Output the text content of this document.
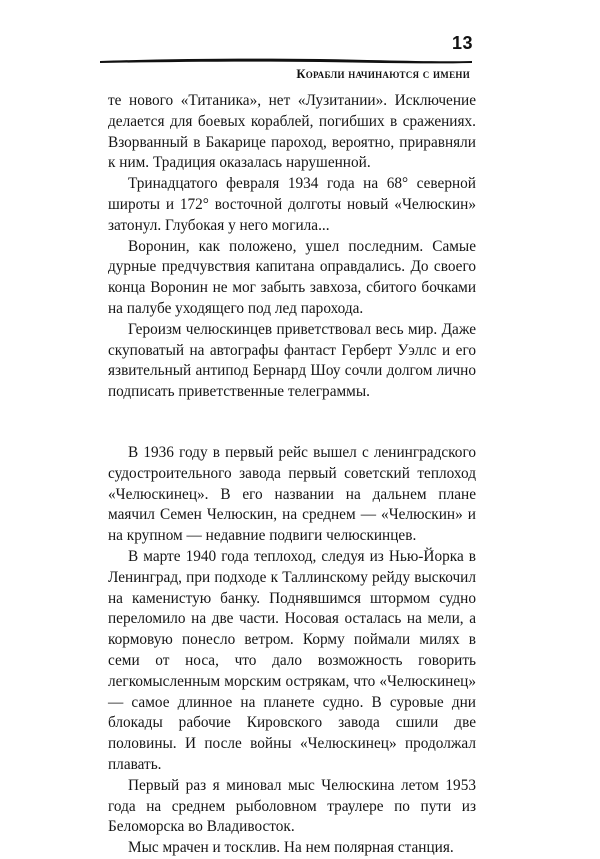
13
Корабли начинаются с имени

те нового «Титаника», нет «Лузитании». Исключение делается для боевых кораблей, погибших в сражениях. Взорванный в Бакарице пароход, вероятно, приравняли к ним. Традиция оказалась нарушенной.

Тринадцатого февраля 1934 года на 68° северной широты и 172° восточной долготы новый «Челюскин» затонул. Глубокая у него могила...

Воронин, как положено, ушел последним. Самые дурные предчувствия капитана оправдались. До своего конца Воронин не мог забыть завхоза, сбитого бочками на палубе уходящего под лед парохода.

Героизм челюскинцев приветствовал весь мир. Даже скуповатый на автографы фантаст Герберт Уэллс и его язвительный антипод Бернард Шоу сочли долгом лично подписать приветственные телеграммы.

В 1936 году в первый рейс вышел с ленинградского судостроительного завода первый советский теплоход «Челюскинец». В его названии на дальнем плане маячил Семен Челюскин, на среднем — «Челюскин» и на крупном — недавние подвиги челюскинцев.

В марте 1940 года теплоход, следуя из Нью-Йорка в Ленинград, при подходе к Таллинскому рейду выскочил на каменистую банку. Поднявшимся штормом судно переломило на две части. Носовая осталась на мели, а кормовую понесло ветром. Корму поймали милях в семи от носа, что дало возможность говорить легкомысленным морским острякам, что «Челюскинец» — самое длинное на планете судно. В суровые дни блокады рабочие Кировского завода сшили две половины. И после войны «Челюскинец» продолжал плавать.

Первый раз я миновал мыс Челюскина летом 1953 года на среднем рыболовном траулере по пути из Беломорска во Владивосток.

Мыс мрачен и тосклив. На нем полярная станция.
